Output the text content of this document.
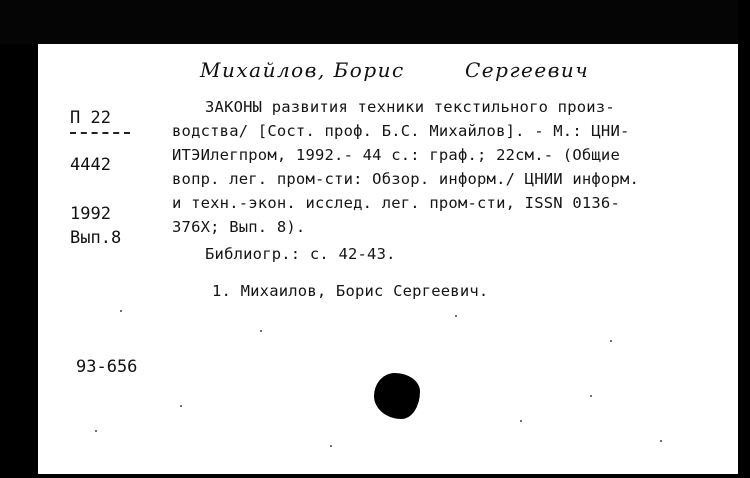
Михайлов, Борис	Сергеевич
П 22
4442
1992
Вып.8
93-656
ЗАКОНЫ развития техники текстильного произ-
водства/ [Сост. проф. Б.С. Михайлов]. - М.: ЦНИ-
ИТЭИлегпром, 1992.- 44 с.: граф.; 22см.- (Общие
вопр. лег. пром-сти: Обзор. информ./ ЦНИИ информ.
и техн.-экон. исслед. лег. пром-сти, ISSN 0136-
376X; Вып. 8).
Библиогр.: с. 42-43.
1. Михаилов, Борис Сергеевич.
